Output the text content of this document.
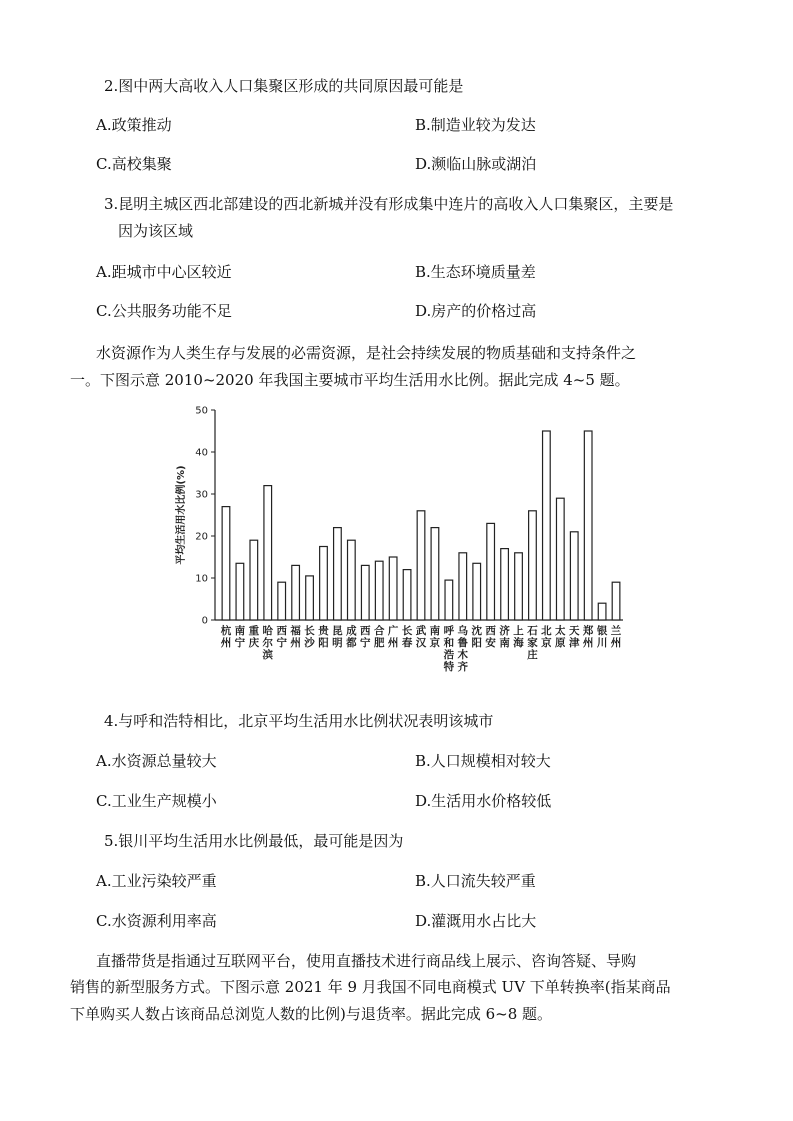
2.图中两大高收入人口集聚区形成的共同原因最可能是
A.政策推动	B.制造业较为发达
C.高校集聚	D.濒临山脉或湖泊
3.昆明主城区西北部建设的西北新城并没有形成集中连片的高收入人口集聚区，主要是
因为该区域
A.距城市中心区较近	B.生态环境质量差
C.公共服务功能不足	D.房产的价格过高
水资源作为人类生存与发展的必需资源，是社会持续发展的物质基础和支持条件之
一。下图示意 2010~2020 年我国主要城市平均生活用水比例。据此完成 4~5 题。
0
10
20
30
40
50
杭州
南宁
重庆
哈尔滨
西宁
福州
长沙
贵阳
昆明
成都
西宁
合肥
广州
长春
武汉
南京
呼和浩特
乌鲁木齐
沈阳
西安
济南
上海
石家庄
北京
太原
天津
郑州
银川
兰州
平均生活用水比例(%)
4.与呼和浩特相比，北京平均生活用水比例状况表明该城市
A.水资源总量较大	B.人口规模相对较大
C.工业生产规模小	D.生活用水价格较低
5.银川平均生活用水比例最低，最可能是因为
A.工业污染较严重	B.人口流失较严重
C.水资源利用率高	D.灌溉用水占比大
直播带货是指通过互联网平台，使用直播技术进行商品线上展示、咨询答疑、导购
销售的新型服务方式。下图示意 2021 年 9 月我国不同电商模式 UV 下单转换率(指某商品
下单购买人数占该商品总浏览人数的比例)与退货率。据此完成 6~8 题。
